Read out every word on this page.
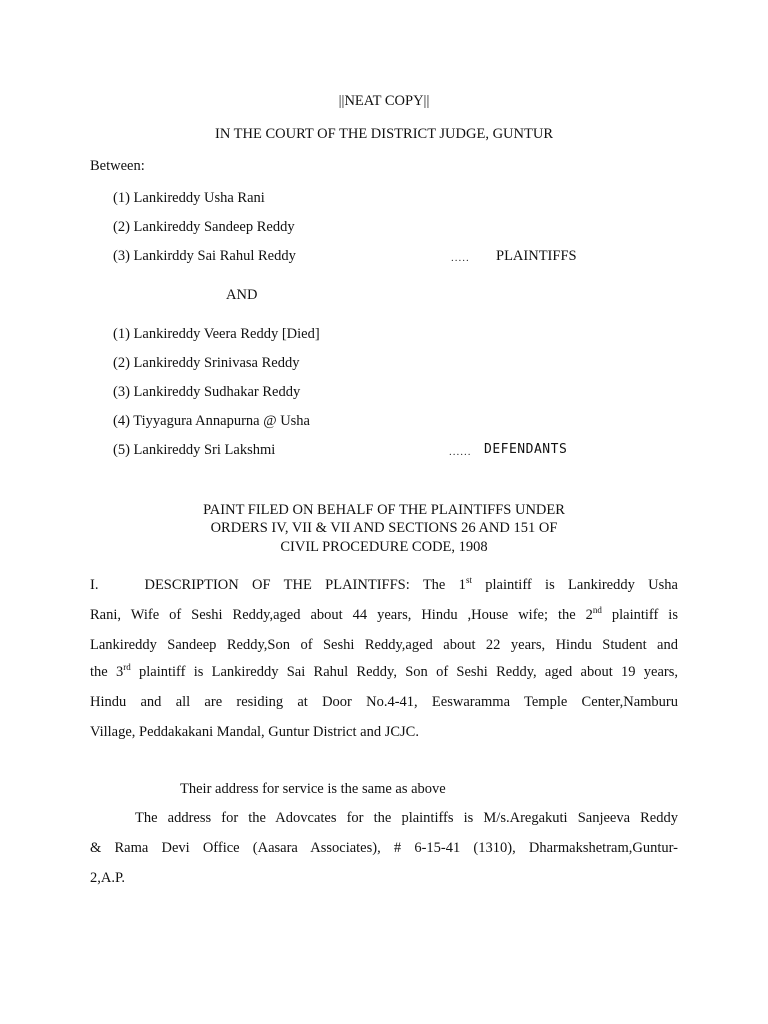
||NEAT COPY||
IN THE COURT OF THE DISTRICT JUDGE, GUNTUR
Between:
(1) Lankireddy Usha Rani
(2) Lankireddy Sandeep Reddy
(3) Lankirddy Sai Rahul Reddy	..... PLAINTIFFS
AND
(1) Lankireddy Veera Reddy [Died]
(2) Lankireddy Srinivasa Reddy
(3) Lankireddy Sudhakar Reddy
(4) Tiyyagura Annapurna @ Usha
(5) Lankireddy Sri Lakshmi	...... DEFENDANTS
PAINT FILED ON BEHALF OF THE PLAINTIFFS UNDER
ORDERS IV, VII & VII AND SECTIONS 26 AND 151 OF
CIVIL PROCEDURE CODE, 1908
I.	DESCRIPTION OF THE PLAINTIFFS: The 1st plaintiff is Lankireddy Usha
Rani, Wife of Seshi Reddy,aged about 44 years, Hindu ,House wife; the 2nd plaintiff is
Lankireddy Sandeep Reddy,Son of Seshi Reddy,aged about 22 years, Hindu Student and
the 3rd plaintiff is Lankireddy Sai Rahul Reddy, Son of Seshi Reddy, aged about 19 years,
Hindu and all are residing at Door No.4-41, Eeswaramma Temple Center,Namburu
Village, Peddakakani Mandal, Guntur District and JCJC.
Their address for service is the same as above
The address for the Adovcates for the plaintiffs is M/s.Aregakuti Sanjeeva Reddy
& Rama Devi Office (Aasara Associates), # 6-15-41 (1310), Dharmakshetram,Guntur-
2,A.P.
